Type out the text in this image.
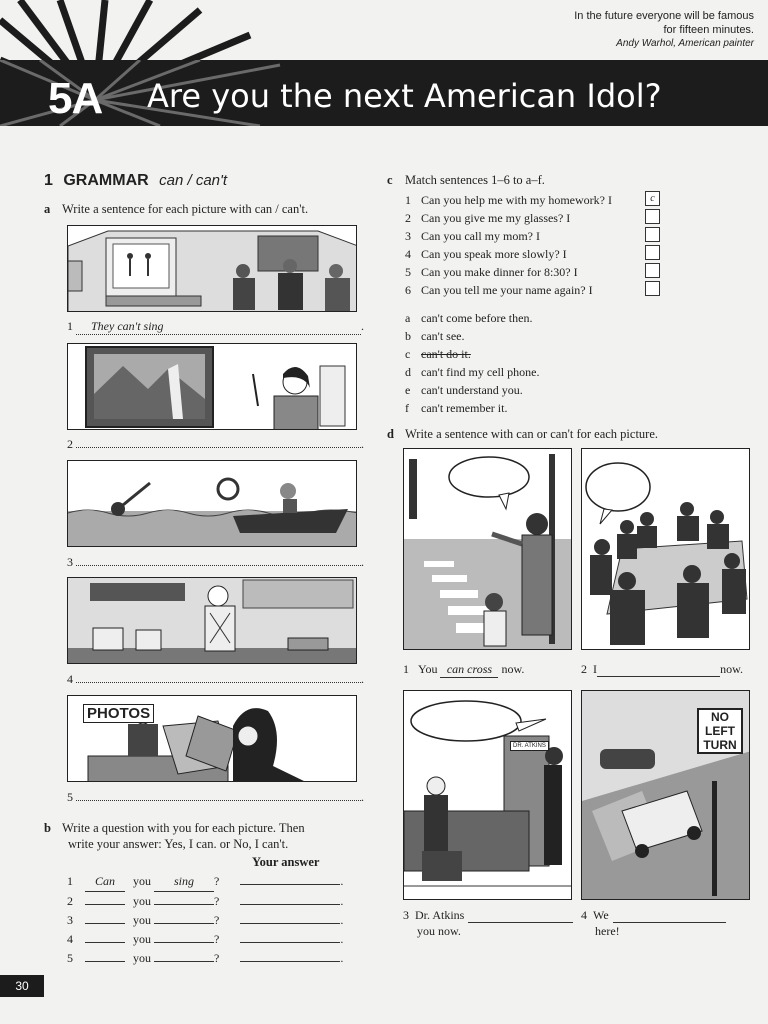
In the future everyone will be famous
for fifteen minutes.
Andy Warhol, American painter
5A Are you the next American Idol?
1 GRAMMAR can / can't
a Write a sentence for each picture with can / can't.
1 They can't sing	.
2	.
3	.
4	.
PHOTOS
5	.
b Write a question with you for each picture. Then
write your answer: Yes, I can. or No, I can't.
Your answer
1 Can you sing ?	.
2	you	?	.
3	you	?	.
4	you	?	.
5	you	?	.
c Match sentences 1–6 to a–f.
1 Can you help me with my homework? I	c
2 Can you give me my glasses? I
3 Can you call my mom? I
4 Can you speak more slowly? I
5 Can you make dinner for 8:30? I
6 Can you tell me your name again? I
a can't come before then.
b can't see.
c can't do it.
d can't find my cell phone.
e can't understand you.
f can't remember it.
d Write a sentence with can or can't for each picture.
1 You can cross now.	2 I	now.
DR. ATKINS
NO
LEFT
TURN
3 Dr. Atkins
you now.
4 We
here!
30
